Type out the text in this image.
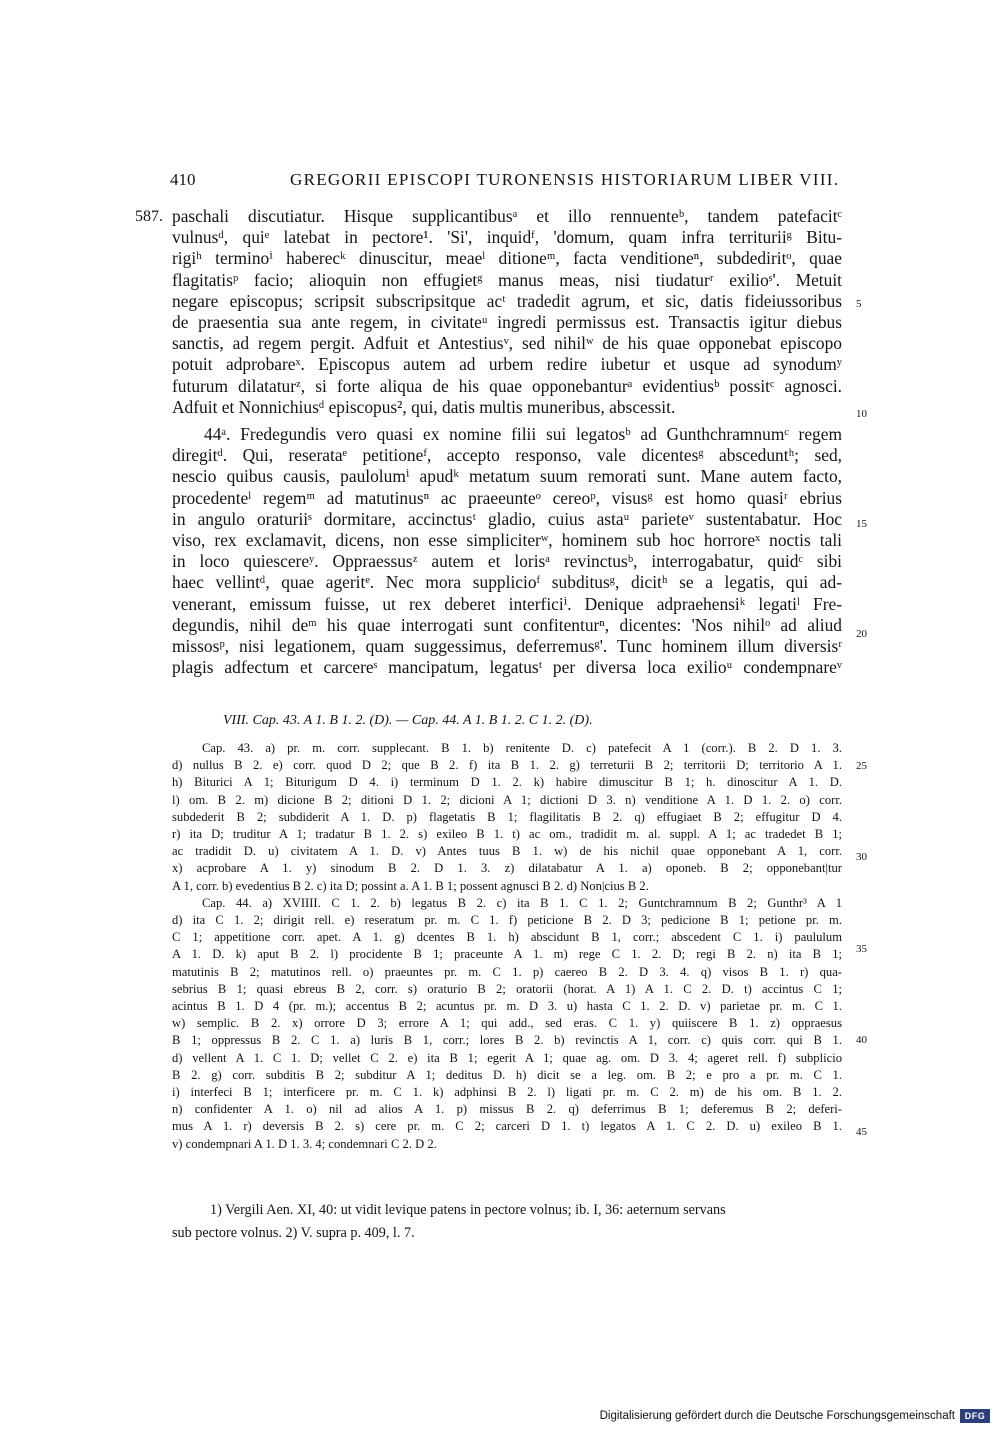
410	GREGORII EPISCOPI TURONENSIS HISTORIARUM LIBER VIII.
587. paschali discutiatur. Hisque supplicantibusᵃ et illo rennuenteᵇ, tandem patefacitᶜ

vulnusᵈ, quiᵉ latebat in pectore¹. 'Si', inquidᶠ, 'domum, quam infra territuriiᵍ Bitu-

rigiʰ terminoⁱ haberecᵏ dinuscitur, meaeˡ ditioneᵐ, facta venditioneⁿ, subdediritᵒ, quae

flagitatisᵖ facio; alioquin non effugietᵍ manus meas, nisi tiudaturʳ exilioˢ'. Metuit

negare episcopus; scripsit subscripsitque acᵗ tradedit agrum, et sic, datis fideiussoribus

de praesentia sua ante regem, in civitateᵘ ingredi permissus est. Transactis igitur diebus

sanctis, ad regem pergit. Adfuit et Antestiusᵛ, sed nihilʷ de his quae opponebat episcopo

potuit adprobareˣ. Episcopus autem ad urbem redire iubetur et usque ad synodumʸ

futurum dilataturᶻ, si forte aliqua de his quae opponebanturᵃ evidentiusᵇ possitᶜ agnosci.

Adfuit et Nonnichiusᵈ episcopus², qui, datis multis muneribus, abscessit.

44ᵃ. Fredegundis vero quasi ex nomine filii sui legatosᵇ ad Gunthchramnumᶜ regem

diregitᵈ. Qui, reserataᵉ petitioneᶠ, accepto responso, vale dicentesᵍ absceduntʰ; sed,

nescio quibus causis, paulolumⁱ apudᵏ metatum suum remorati sunt. Mane autem facto,

procedenteˡ regemᵐ ad matutinusⁿ ac praeeunteᵒ cereoᵖ, visusᵍ est homo quasiʳ ebrius

in angulo oraturiiˢ dormitare, accinctusᵗ gladio, cuius astaᵘ parieteᵛ sustentabatur. Hoc

viso, rex exclamavit, dicens, non esse simpliciterʷ, hominem sub hoc horroreˣ noctis tali

in loco quiescereʸ. Oppraessusᶻ autem et lorisᵃ revinctusᵇ, interrogabatur, quidᶜ sibi

haec vellintᵈ, quae ageritᵉ. Nec mora supplicioᶠ subditusᵍ, dicitʰ se a legatis, qui ad-

venerant, emissum fuisse, ut rex deberet interficiⁱ. Denique adpraehensiᵏ legatiˡ Fre-

degundis, nihil deᵐ his quae interrogati sunt confitenturⁿ, dicentes: 'Nos nihilᵒ ad aliud

missosᵖ, nisi legationem, quam suggessimus, deferremusᵍ'. Tunc hominem illum diversisʳ

plagis adfectum et carcereˢ mancipatum, legatusᵗ per diversa loca exilioᵘ condempnareᵛ

5
10
15
20
VIII. Cap. 43. A 1. B 1. 2. (D). — Cap. 44. A 1. B 1. 2. C 1. 2. (D).

Cap. 43. a) pr. m. corr. supplecant. B 1. b) renitente D. c) patefecit A 1 (corr.). B 2. D 1. 3.

d) nullus B 2. e) corr. quod D 2; que B 2. f) ita B 1. 2. g) terreturii B 2; territorii D; territorio A 1.

h) Biturici A 1; Biturigum D 4. i) terminum D 1. 2. k) habire dimuscitur B 1; h. dinoscitur A 1. D.

l) om. B 2. m) dicione B 2; ditioni D 1. 2; dicioni A 1; dictioni D 3. n) venditione A 1. D 1. 2. o) corr.

subdederit B 2; subdiderit A 1. D. p) flagetatis B 1; flagilitatis B 2. q) effugiaet B 2; effugitur D 4.

r) ita D; truditur A 1; tradatur B 1. 2. s) exileo B 1. t) ac om., tradidit m. al. suppl. A 1; ac tradedet B 1;

ac tradidit D. u) civitatem A 1. D. v) Antes tuus B 1. w) de his nichil quae opponebant A 1, corr.

x) acprobare A 1. y) sinodum B 2. D 1. 3. z) dilatabatur A 1. a) oponeb. B 2; opponebant|tur

A 1, corr. b) evedentius B 2. c) ita D; possint a. A 1. B 1; possent agnusci B 2. d) Non|cius B 2.

Cap. 44. a) XVIIII. C 1. 2. b) legatus B 2. c) ita B 1. C 1. 2; Guntchramnum B 2; Gunthr³ A 1

d) ita C 1. 2; dirigit rell. e) reseratum pr. m. C 1. f) peticione B 2. D 3; pedicione B 1; petione pr. m.

C 1; appetitione corr. apet. A 1. g) dcentes B 1. h) abscidunt B 1, corr.; abscedent C 1. i) paululum

A 1. D. k) aput B 2. l) procidente B 1; praceunte A 1. m) rege C 1. 2. D; regi B 2. n) ita B 1;

matutinis B 2; matutinos rell. o) praeuntes pr. m. C 1. p) caereo B 2. D 3. 4. q) visos B 1. r) qua-

sebrius B 1; quasi ebreus B 2, corr. s) oraturio B 2; oratorii (horat. A 1) A 1. C 2. D. t) accintus C 1;

acintus B 1. D 4 (pr. m.); accentus B 2; acuntus pr. m. D 3. u) hasta C 1. 2. D. v) parietae pr. m. C 1.

w) semplic. B 2. x) orrore D 3; errore A 1; qui add., sed eras. C 1. y) quiiscere B 1. z) oppraesus

B 1; oppressus B 2. C 1. a) luris B 1, corr.; lores B 2. b) revinctis A 1, corr. c) quis corr. qui B 1.

d) vellent A 1. C 1. D; vellet C 2. e) ita B 1; egerit A 1; quae ag. om. D 3. 4; ageret rell. f) subplicio

B 2. g) corr. subditis B 2; subditur A 1; deditus D. h) dicit se a leg. om. B 2; e pro a pr. m. C 1.

i) interfeci B 1; interficere pr. m. C 1. k) adphinsi B 2. l) ligati pr. m. C 2. m) de his om. B 1. 2.

n) confidenter A 1. o) nil ad alios A 1. p) missus B 2. q) deferrimus B 1; deferemus B 2; deferi-

mus A 1. r) deversis B 2. s) cere pr. m. C 2; carceri D 1. t) legatos A 1. C 2. D. u) exileo B 1.

v) condempnari A 1. D 1. 3. 4; condemnari C 2. D 2.

25
30
35
40
45

1) Vergili Aen. XI, 40: ut vidit levique patens in pectore volnus; ib. I, 36: aeternum servans

sub pectore volnus. 2) V. supra p. 409, l. 7.

Digitalisierung gefördert durch die Deutsche Forschungsgemeinschaft	DFG
